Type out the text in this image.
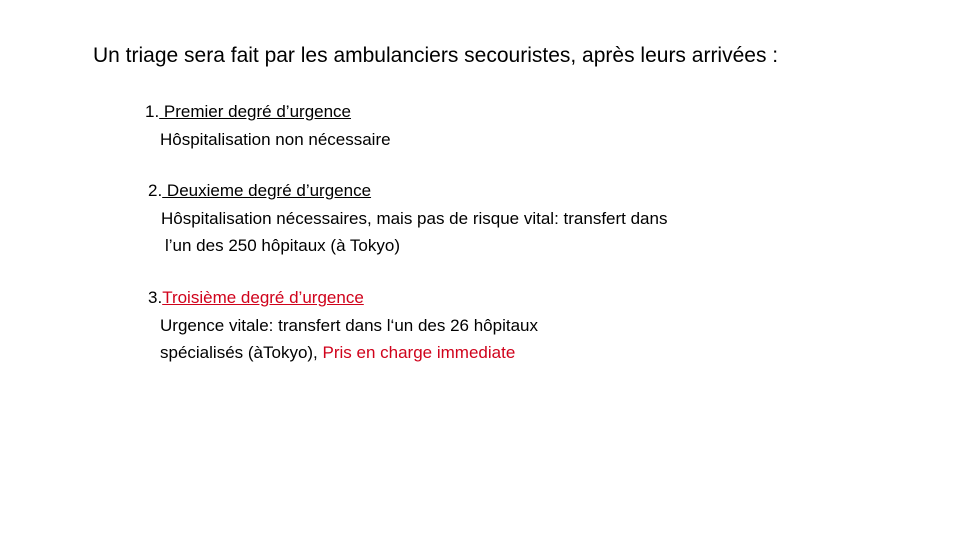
Un triage sera fait par les ambulanciers secouristes, après leurs arrivées :
1. Premier degré d’urgence
Hôspitalisation non nécessaire
2. Deuxieme degré d’urgence
Hôspitalisation nécessaires, mais pas de risque vital: transfert dans
l’un des 250 hôpitaux (à Tokyo)
3.Troisième degré d’urgence
Urgence vitale: transfert dans l‘un des 26 hôpitaux
spécialisés (àTokyo), Pris en charge immediate
